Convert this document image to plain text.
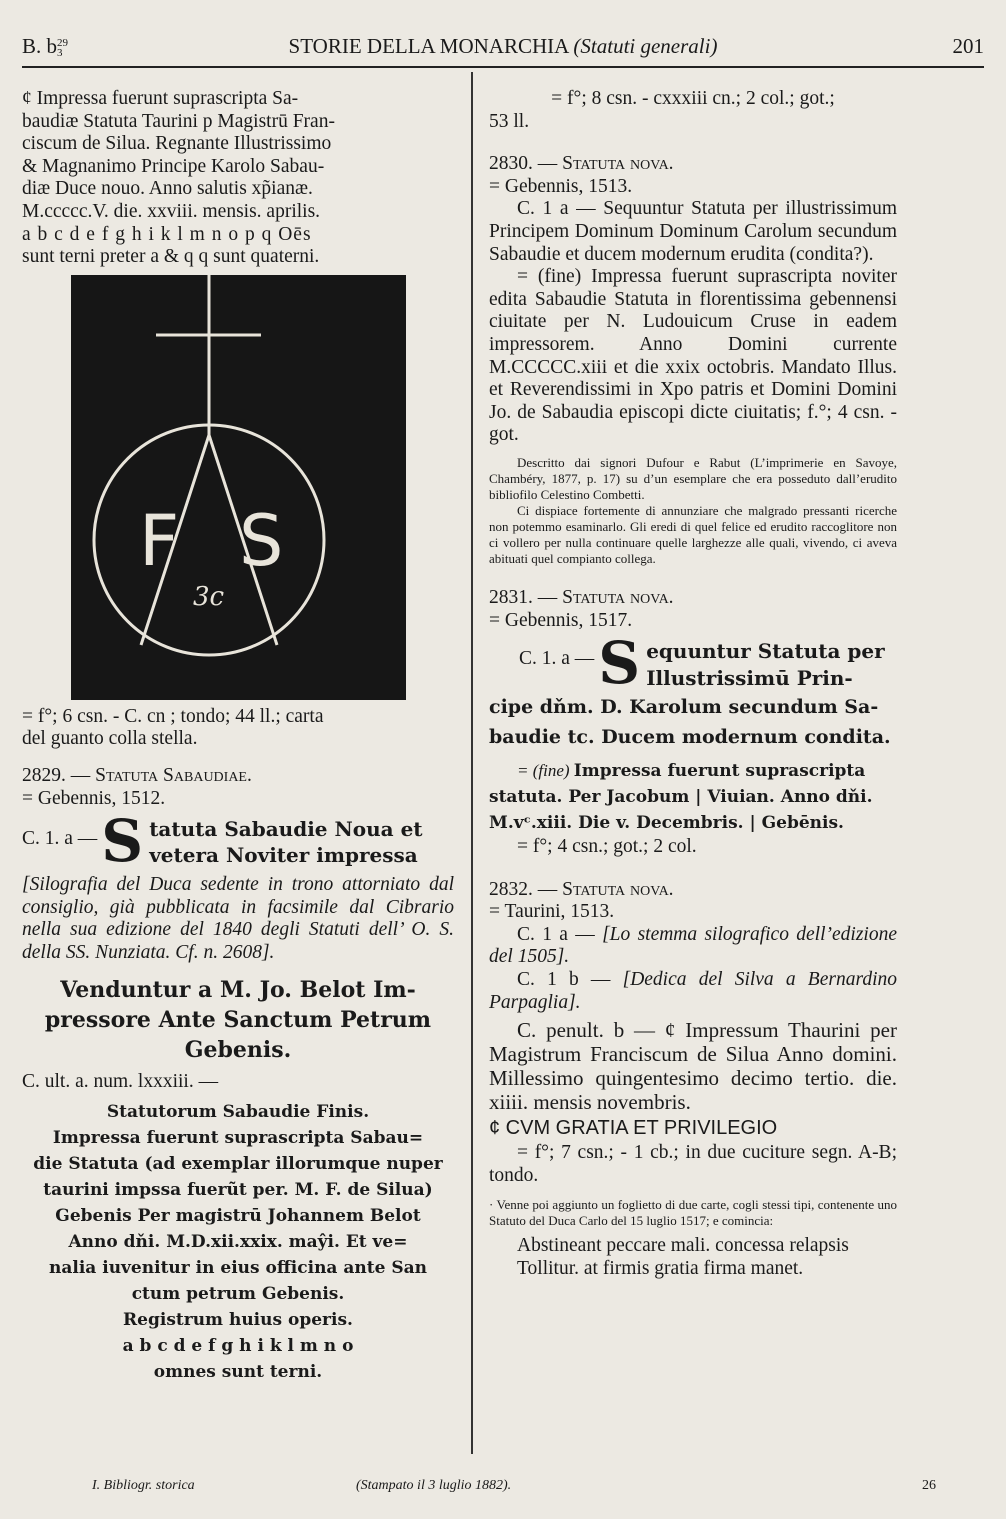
B. b 29
3	STORIE DELLA MONARCHIA (Statuti generali)	201

¢ Impressa fuerunt suprascripta Sa-

baudiæ Statuta Taurini p Magistrū Fran-

ciscum de Silua. Regnante Illustrissimo

& Magnanimo Principe Karolo Sabau-

diæ Duce nouo. Anno salutis xp̃ianæ.

M.ccccc.V. die. xxviii. mensis. aprilis.

a b c d e f g h i k l m n o p q Oēs

sunt terni preter a & q q sunt quaterni.

F S
3c

= f°; 6 csn. - C. cn ; tondo; 44 ll.; carta

del guanto colla stella.

2829. — Statuta Sabaudiae.

= Gebennis, 1512.

C. 1. a — S tatuta Sabaudie Noua et

vetera Noviter impressa

[Silografia del Duca sedente in trono attorniato dal consiglio, già pubblicata in facsimile dal Cibrario nella sua edizione del 1840 degli Statuti dell’ O. S. della SS. Nunziata. Cf. n. 2608].

Venduntur a M. Jo. Belot Im-

pressore Ante Sanctum Petrum

Gebenis.

C. ult. a. num. lxxxiii. —

Statutorum Sabaudie Finis.

Impressa fuerunt suprascripta Sabau=

die Statuta (ad exemplar illorumque nuper

taurini impssa fuerũt per. M. F. de Silua)

Gebenis Per magistrū Johannem Belot

Anno dňi. M.D.xii.xxix. maŷi. Et ve=

nalia iuvenitur in eius officina ante San

ctum petrum Gebenis.

Registrum huius operis.

a b c d e f g h i k l m n o

omnes sunt terni.

= f°; 8 csn. - cxxxiii cn.; 2 col.; got.;

53 ll.

2830. — Statuta nova.

= Gebennis, 1513.

C. 1 a — Sequuntur Statuta per illustrissimum Principem Dominum Dominum Carolum secundum Sabaudie et ducem modernum erudita (condita?).

= (fine) Impressa fuerunt suprascripta noviter edita Sabaudie Statuta in florentissima gebennensi ciuitate per N. Ludouicum Cruse in eadem impressorem. Anno Domini currente M.CCCCC.xiii et die xxix octobris. Mandato Illus. et Reverendissimi in Xpo patris et Domini Domini Jo. de Sabaudia episcopi dicte ciuitatis; f.°; 4 csn. - got.

Descritto dai signori Dufour e Rabut (L’imprimerie en Savoye, Chambéry, 1877, p. 17) su d’un esemplare che era posseduto dall’erudito bibliofilo Celestino Combetti.

Ci dispiace fortemente di annunziare che malgrado pressanti ricerche non potemmo esaminarlo. Gli eredi di quel felice ed erudito raccoglitore non ci vollero per nulla continuare quelle larghezze alle quali, vivendo, ci aveva abituati quel compianto collega.

2831. — Statuta nova.

= Gebennis, 1517.

C. 1. a — S equuntur Statuta per

Illustrissimū Prin-

cipe dňm. D. Karolum secundum Sa-

baudie tc. Ducem modernum condita.

= (fine) Impressa fuerunt suprascripta

statuta. Per Jacobum | Viuian. Anno dňi.

M.vᶜ.xiii. Die v. Decembris. | Gebēnis.

= f°; 4 csn.; got.; 2 col.

2832. — Statuta nova.

= Taurini, 1513.

C. 1 a — [Lo stemma silografico dell’edizione del 1505].

C. 1 b — [Dedica del Silva a Bernardino Parpaglia].

C. penult. b — ¢ Impressum Thaurini per Magistrum Franciscum de Silua Anno domini. Millessimo quingentesimo decimo tertio. die. xiiii. mensis novembris.

¢ CVM GRATIA ET PRIVILEGIO

= f°; 7 csn.; - 1 cb.; in due cuciture segn. A-B; tondo.

· Venne poi aggiunto un foglietto di due carte, cogli stessi tipi, contenente uno Statuto del Duca Carlo del 15 luglio 1517; e comincia:

Abstineant peccare mali. concessa relapsis

Tollitur. at firmis gratia firma manet.

I. Bibliogr. storica	(Stampato il 3 luglio 1882).	26
